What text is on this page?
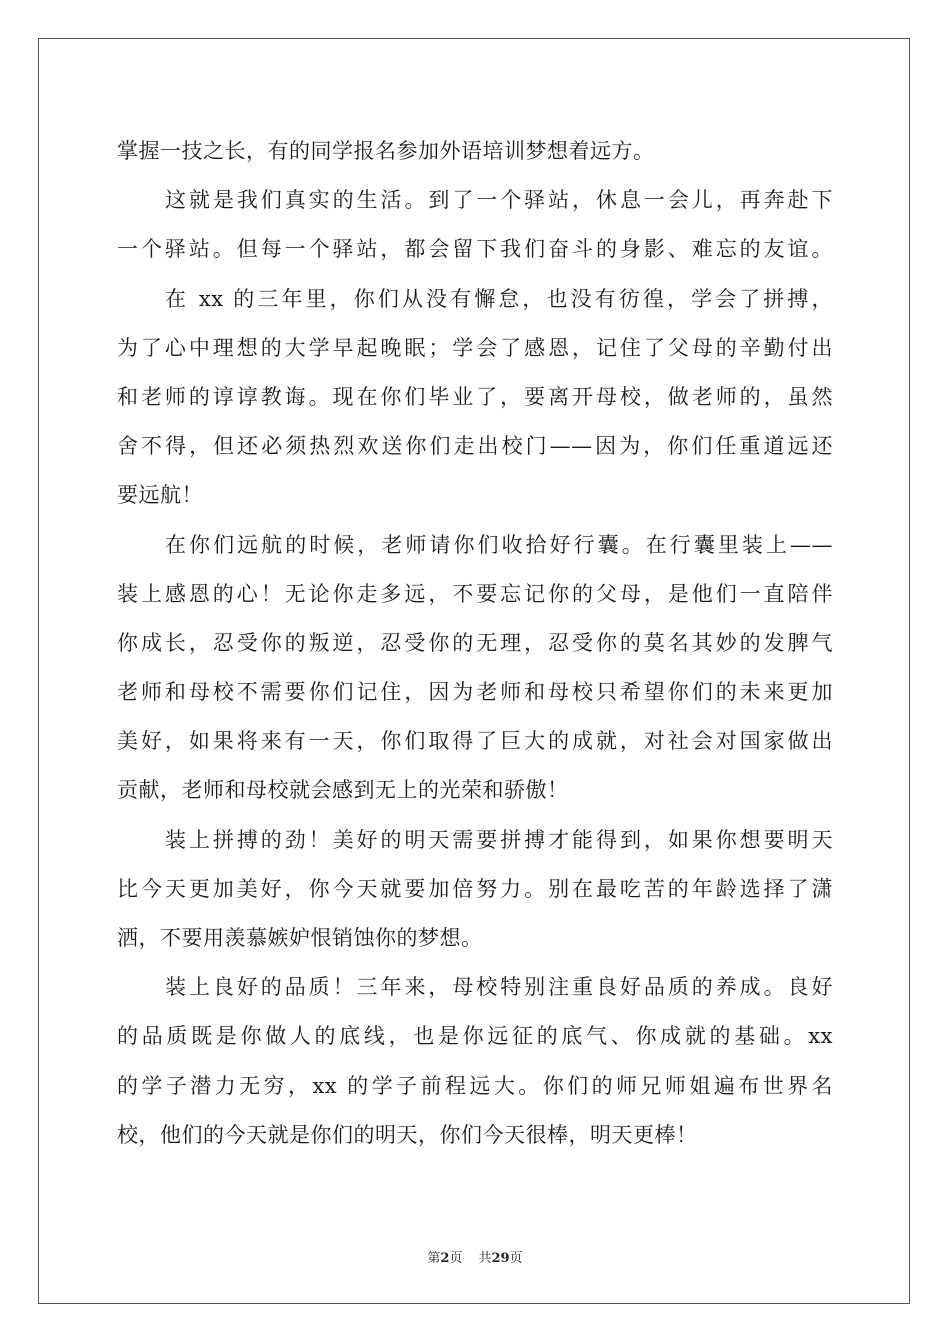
掌握一技之长，有的同学报名参加外语培训梦想着远方。
这就是我们真实的生活。到了一个驿站，休息一会儿，再奔赴下
一个驿站。但每一个驿站，都会留下我们奋斗的身影、难忘的友谊。
在 xx 的三年里，你们从没有懈怠，也没有彷徨，学会了拼搏，
为了心中理想的大学早起晚眠；学会了感恩，记住了父母的辛勤付出
和老师的谆谆教诲。现在你们毕业了，要离开母校，做老师的，虽然
舍不得，但还必须热烈欢送你们走出校门——因为，你们任重道远还
要远航！
在你们远航的时候，老师请你们收拾好行囊。在行囊里装上——
装上感恩的心！无论你走多远，不要忘记你的父母，是他们一直陪伴
你成长，忍受你的叛逆，忍受你的无理，忍受你的莫名其妙的发脾气
老师和母校不需要你们记住，因为老师和母校只希望你们的未来更加
美好，如果将来有一天，你们取得了巨大的成就，对社会对国家做出
贡献，老师和母校就会感到无上的光荣和骄傲！
装上拼搏的劲！美好的明天需要拼搏才能得到，如果你想要明天
比今天更加美好，你今天就要加倍努力。别在最吃苦的年龄选择了潇
洒，不要用羡慕嫉妒恨销蚀你的梦想。
装上良好的品质！三年来，母校特别注重良好品质的养成。良好
的品质既是你做人的底线，也是你远征的底气、你成就的基础。xx
的学子潜力无穷，xx 的学子前程远大。你们的师兄师姐遍布世界名
校，他们的今天就是你们的明天，你们今天很棒，明天更棒！
第2页 共29页
